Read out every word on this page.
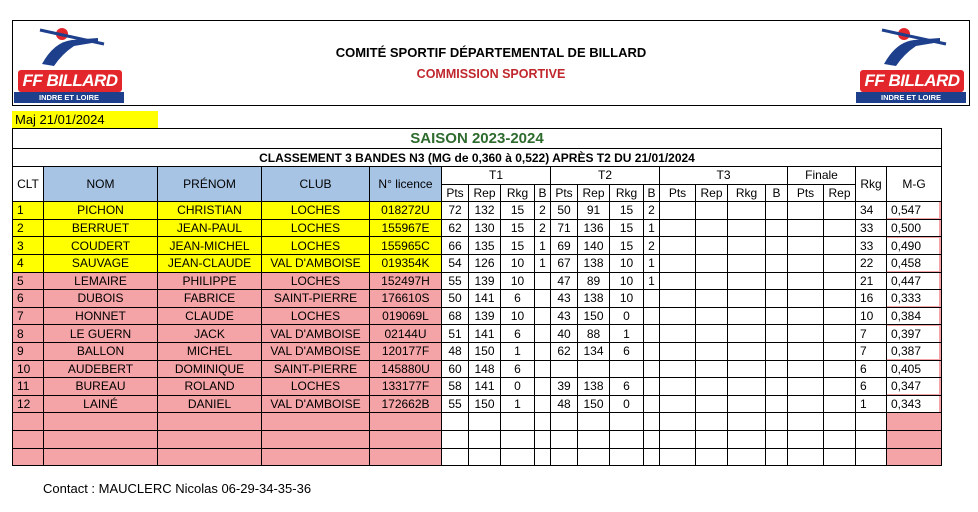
FF BILLARD
INDRE ET LOIRE
COMITÉ SPORTIF DÉPARTEMENTAL DE BILLARD
COMMISSION SPORTIVE	FF BILLARD
INDRE ET LOIRE
Maj 21/01/2024
SAISON 2023-2024																				
CLASSEMENT 3 BANDES N3 (MG de 0,360 à 0,522) APRÈS T2 DU 21/01/2024																				
CLT	NOM	PRÉNOM	CLUB	N° licence	T1				T2				T3				Finale		Rkg	M-G
					Pts	Rep	Rkg	B	Pts	Rep	Rkg	B	Pts	Rep	Rkg	B	Pts	Rep		
1	PICHON	CHRISTIAN	LOCHES	018272U	72	132	15	2	50	91	15	2							34	0,547
2	BERRUET	JEAN-PAUL	LOCHES	155967E	62	130	15	2	71	136	15	1							33	0,500
3	COUDERT	JEAN-MICHEL	LOCHES	155965C	66	135	15	1	69	140	15	2							33	0,490
4	SAUVAGE	JEAN-CLAUDE	VAL D'AMBOISE	019354K	54	126	10	1	67	138	10	1							22	0,458
5	LEMAIRE	PHILIPPE	LOCHES	152497H	55	139	10		47	89	10	1							21	0,447
6	DUBOIS	FABRICE	SAINT-PIERRE	176610S	50	141	6		43	138	10								16	0,333
7	HONNET	CLAUDE	LOCHES	019069L	68	139	10		43	150	0								10	0,384
8	LE GUERN	JACK	VAL D'AMBOISE	02144U	51	141	6		40	88	1								7	0,397
9	BALLON	MICHEL	VAL D'AMBOISE	120177F	48	150	1		62	134	6								7	0,387
10	AUDEBERT	DOMINIQUE	SAINT-PIERRE	145880U	60	148	6												6	0,405
11	BUREAU	ROLAND	LOCHES	133177F	58	141	0		39	138	6								6	0,347
12	LAINÉ	DANIEL	VAL D'AMBOISE	172662B	55	150	1		48	150	0								1	0,343

Contact : MAUCLERC Nicolas 06-29-34-35-36
